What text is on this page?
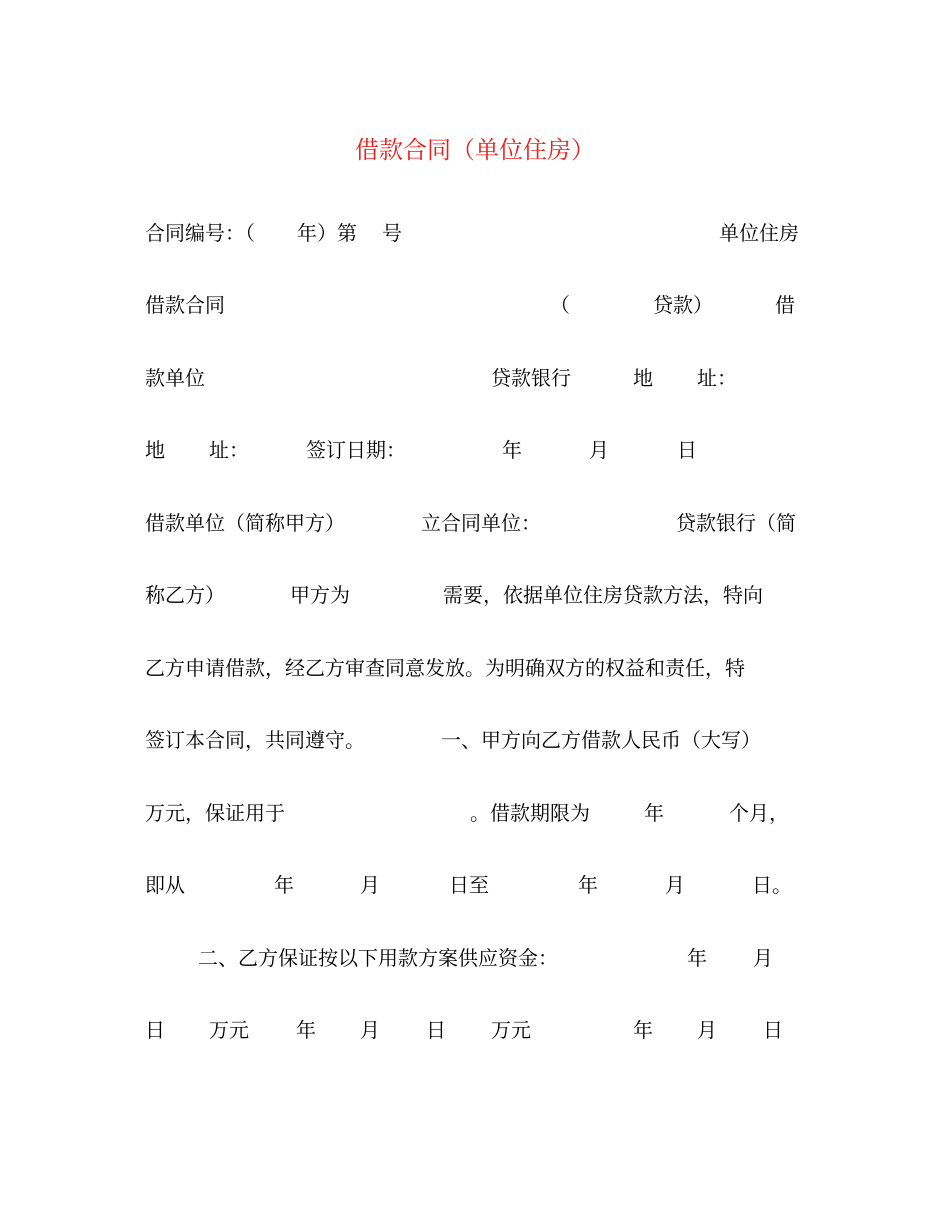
借款合同（单位住房）
合同编号：（ 年）第 号	单位住房
借款合同	（	贷款）	借
款单位	贷款银行	地 址：
地 址：	签订日期：	年	月	日
借款单位（简称甲方）	立合同单位：	贷款银行（简
称乙方）	甲方为	需要，依据单位住房贷款方法，特向
乙方申请借款，经乙方审查同意发放。为明确双方的权益和责任，特
签订本合同，共同遵守。	一、甲方向乙方借款人民币（大写）
万元，保证用于	。借款期限为	年	个月，
即从	年	月	日至	年	月	日。
二、乙方保证按以下用款方案供应资金：	年 月
日 万元 年 月 日 万元	年 月 日
